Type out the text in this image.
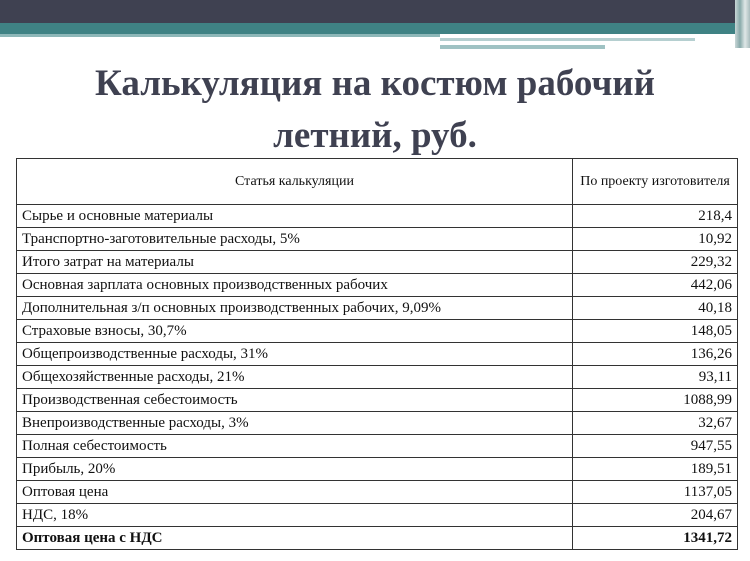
Калькуляция на костюм рабочий
летний, руб.
Статья калькуляции	По проекту изготовителя
Сырье и основные материалы	218,4
Транспортно-заготовительные расходы, 5%	10,92
Итого затрат на материалы	229,32
Основная зарплата основных производственных рабочих	442,06
Дополнительная з/п основных производственных рабочих, 9,09%	40,18
Страховые взносы, 30,7%	148,05
Общепроизводственные расходы, 31%	136,26
Общехозяйственные расходы, 21%	93,11
Производственная себестоимость	1088,99
Внепроизводственные расходы, 3%	32,67
Полная себестоимость	947,55
Прибыль, 20%	189,51
Оптовая цена	1137,05
НДС, 18%	204,67
Оптовая цена с НДС	1341,72
